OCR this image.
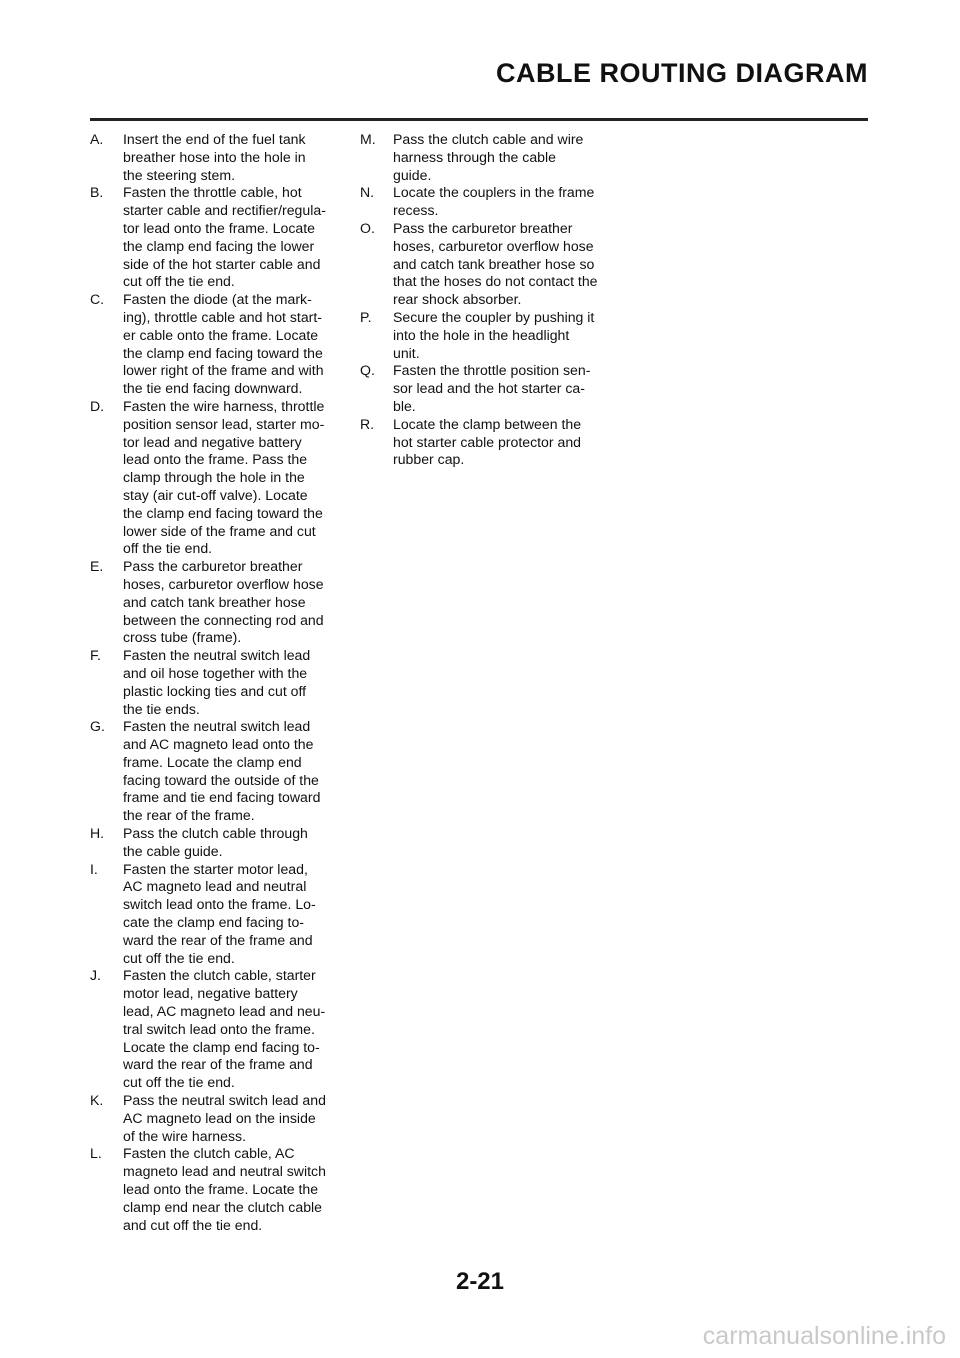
CABLE ROUTING DIAGRAM
A.	Insert the end of the fuel tank
breather hose into the hole in
the steering stem.
B.	Fasten the throttle cable, hot
starter cable and rectifier/regula-
tor lead onto the frame. Locate
the clamp end facing the lower
side of the hot starter cable and
cut off the tie end.
C.	Fasten the diode (at the mark-
ing), throttle cable and hot start-
er cable onto the frame. Locate
the clamp end facing toward the
lower right of the frame and with
the tie end facing downward.
D.	Fasten the wire harness, throttle
position sensor lead, starter mo-
tor lead and negative battery
lead onto the frame. Pass the
clamp through the hole in the
stay (air cut-off valve). Locate
the clamp end facing toward the
lower side of the frame and cut
off the tie end.
E.	Pass the carburetor breather
hoses, carburetor overflow hose
and catch tank breather hose
between the connecting rod and
cross tube (frame).
F.	Fasten the neutral switch lead
and oil hose together with the
plastic locking ties and cut off
the tie ends.
G.	Fasten the neutral switch lead
and AC magneto lead onto the
frame. Locate the clamp end
facing toward the outside of the
frame and tie end facing toward
the rear of the frame.
H.	Pass the clutch cable through
the cable guide.
I.	Fasten the starter motor lead,
AC magneto lead and neutral
switch lead onto the frame. Lo-
cate the clamp end facing to-
ward the rear of the frame and
cut off the tie end.
J.	Fasten the clutch cable, starter
motor lead, negative battery
lead, AC magneto lead and neu-
tral switch lead onto the frame.
Locate the clamp end facing to-
ward the rear of the frame and
cut off the tie end.
K.	Pass the neutral switch lead and
AC magneto lead on the inside
of the wire harness.
L.	Fasten the clutch cable, AC
magneto lead and neutral switch
lead onto the frame. Locate the
clamp end near the clutch cable
and cut off the tie end.
M.	Pass the clutch cable and wire
harness through the cable
guide.
N.	Locate the couplers in the frame
recess.
O.	Pass the carburetor breather
hoses, carburetor overflow hose
and catch tank breather hose so
that the hoses do not contact the
rear shock absorber.
P.	Secure the coupler by pushing it
into the hole in the headlight
unit.
Q.	Fasten the throttle position sen-
sor lead and the hot starter ca-
ble.
R.	Locate the clamp between the
hot starter cable protector and
rubber cap.
2-21
carmanualsonline.info
